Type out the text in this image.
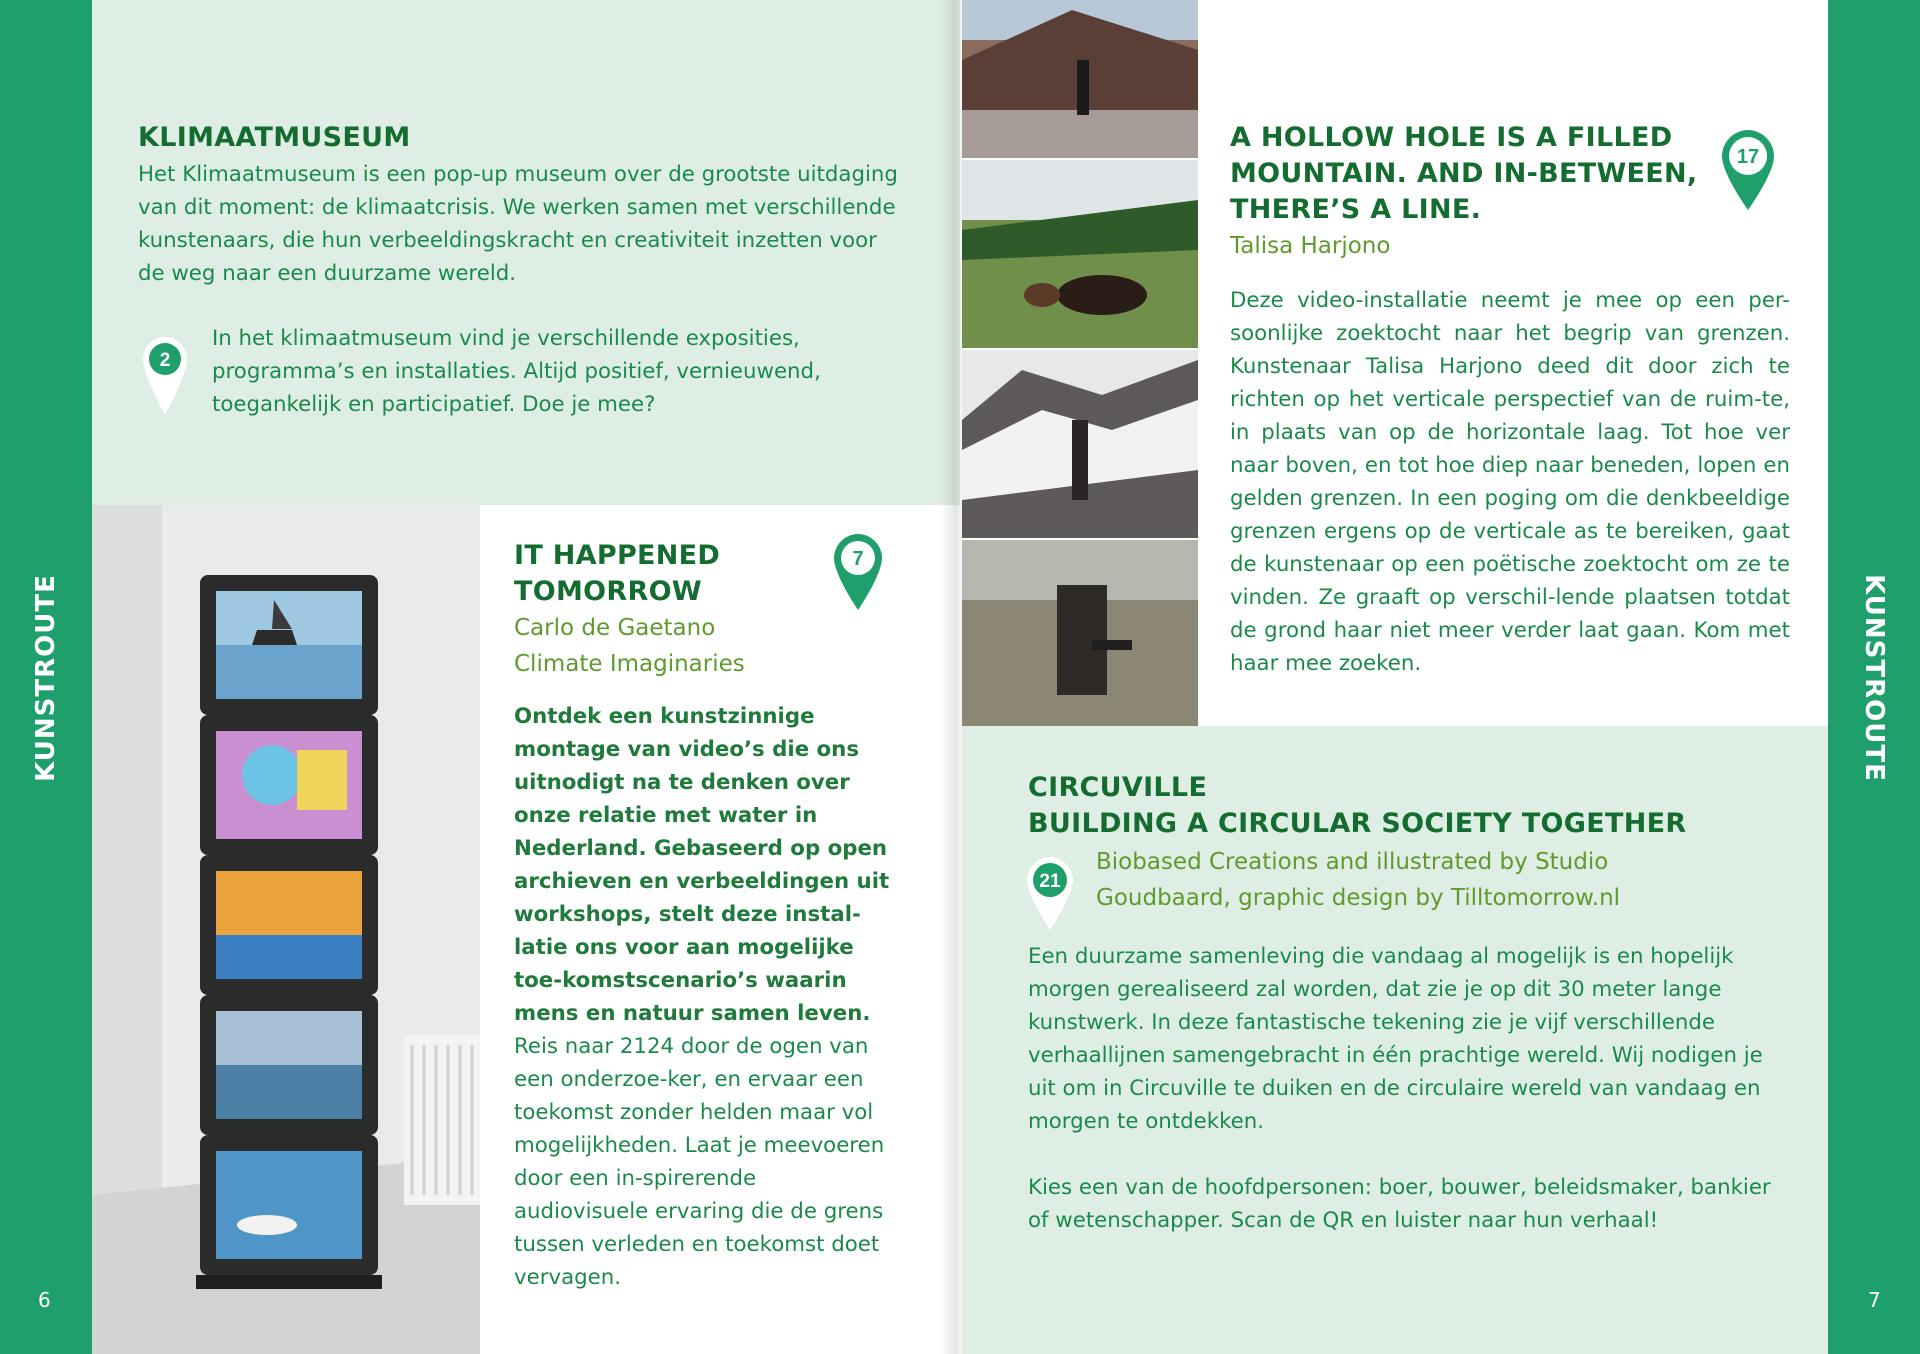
KUNSTROUTE
6
KUNSTROUTE
7
KLIMAATMUSEUM
Het Klimaatmuseum is een pop-up museum over de grootste uitdaging van dit moment: de klimaatcrisis. We werken samen met verschillende kunstenaars, die hun verbeeldingskracht en creativiteit inzetten voor de weg naar een duurzame wereld.
2
In het klimaatmuseum vind je verschillende exposities, programma’s en installaties. Altijd positief, vernieuwend, toegankelijk en participatief. Doe je mee?
IT HAPPENED
TOMORROW
Carlo de Gaetano
Climate Imaginaries
Ontdek een kunstzinnige montage van video’s die ons uitnodigt na te denken over onze relatie met water in Nederland. Gebaseerd op open archieven en verbeeldingen uit workshops, stelt deze instal-latie ons voor aan mogelijke toe-komstscenario’s waarin mens en natuur samen leven. Reis naar 2124 door de ogen van een onderzoe-ker, en ervaar een toekomst zonder helden maar vol mogelijkheden. Laat je meevoeren door een in-spirerende audiovisuele ervaring die de grens tussen verleden en toekomst doet vervagen.
7
A HOLLOW HOLE IS A FILLED
MOUNTAIN. AND IN-BETWEEN,
THERE’S A LINE.
Talisa Harjono
Deze video-installatie neemt je mee op een per-soonlijke zoektocht naar het begrip van grenzen. Kunstenaar Talisa Harjono deed dit door zich te richten op het verticale perspectief van de ruim-te, in plaats van op de horizontale laag. Tot hoe ver naar boven, en tot hoe diep naar beneden, lopen en gelden grenzen. In een poging om die denkbeeldige grenzen ergens op de verticale as te bereiken, gaat de kunstenaar op een poëtische zoektocht om ze te vinden. Ze graaft op verschil-lende plaatsen totdat de grond haar niet meer verder laat gaan. Kom met haar mee zoeken.
17
CIRCUVILLE
BUILDING A CIRCULAR SOCIETY TOGETHER
21
Biobased Creations and illustrated by Studio
Goudbaard, graphic design by Tilltomorrow.nl
Een duurzame samenleving die vandaag al mogelijk is en hopelijk morgen gerealiseerd zal worden, dat zie je op dit 30 meter lange kunstwerk. In deze fantastische tekening zie je vijf verschillende verhaallijnen samengebracht in één prachtige wereld. Wij nodigen je uit om in Circuville te duiken en de circulaire wereld van vandaag en morgen te ontdekken.
Kies een van de hoofdpersonen: boer, bouwer, beleidsmaker, bankier of wetenschapper. Scan de QR en luister naar hun verhaal!
